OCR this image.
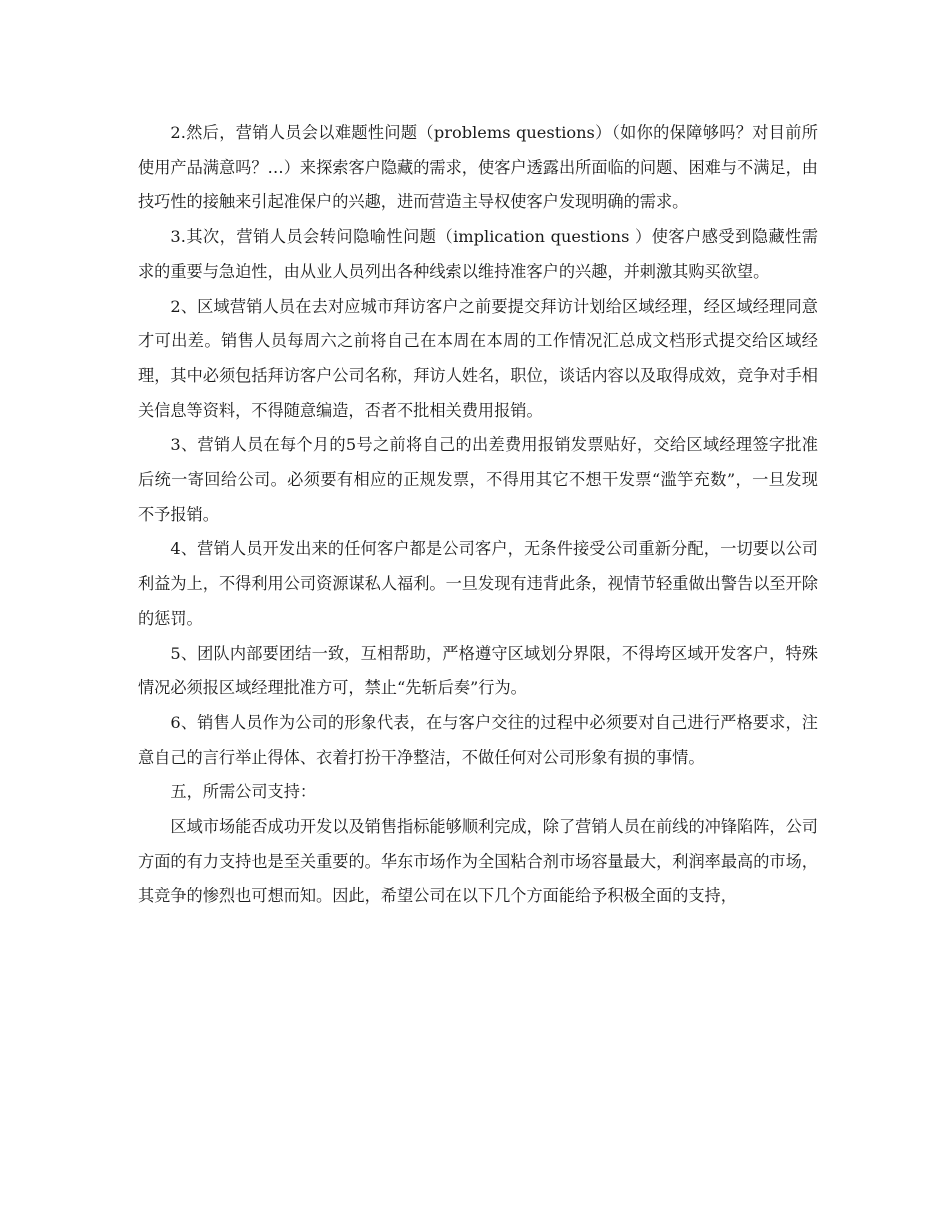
2.然后，营销人员会以难题性问题（problems questions）（如你的保障够吗？对目前所使用产品满意吗？…）来探索客户隐藏的需求，使客户透露出所面临的问题、困难与不满足，由技巧性的接触来引起准保户的兴趣，进而营造主导权使客户发现明确的需求。

3.其次，营销人员会转问隐喻性问题（implication questions ）使客户感受到隐藏性需求的重要与急迫性，由从业人员列出各种线索以维持准客户的兴趣，并刺激其购买欲望。

2、区域营销人员在去对应城市拜访客户之前要提交拜访计划给区域经理，经区域经理同意才可出差。销售人员每周六之前将自己在本周在本周的工作情况汇总成文档形式提交给区域经理，其中必须包括拜访客户公司名称，拜访人姓名，职位，谈话内容以及取得成效，竞争对手相关信息等资料，不得随意编造，否者不批相关费用报销。

3、营销人员在每个月的5号之前将自己的出差费用报销发票贴好，交给区域经理签字批准后统一寄回给公司。必须要有相应的正规发票，不得用其它不想干发票“滥竽充数”，一旦发现不予报销。

4、营销人员开发出来的任何客户都是公司客户，无条件接受公司重新分配，一切要以公司利益为上，不得利用公司资源谋私人福利。一旦发现有违背此条，视情节轻重做出警告以至开除的惩罚。

5、团队内部要团结一致，互相帮助，严格遵守区域划分界限，不得垮区域开发客户，特殊情况必须报区域经理批准方可，禁止“先斩后奏”行为。

6、销售人员作为公司的形象代表，在与客户交往的过程中必须要对自己进行严格要求，注意自己的言行举止得体、衣着打扮干净整洁，不做任何对公司形象有损的事情。

五，所需公司支持：

区域市场能否成功开发以及销售指标能够顺利完成，除了营销人员在前线的冲锋陷阵，公司方面的有力支持也是至关重要的。华东市场作为全国粘合剂市场容量最大，利润率最高的市场，其竞争的惨烈也可想而知。因此，希望公司在以下几个方面能给予积极全面的支持，
